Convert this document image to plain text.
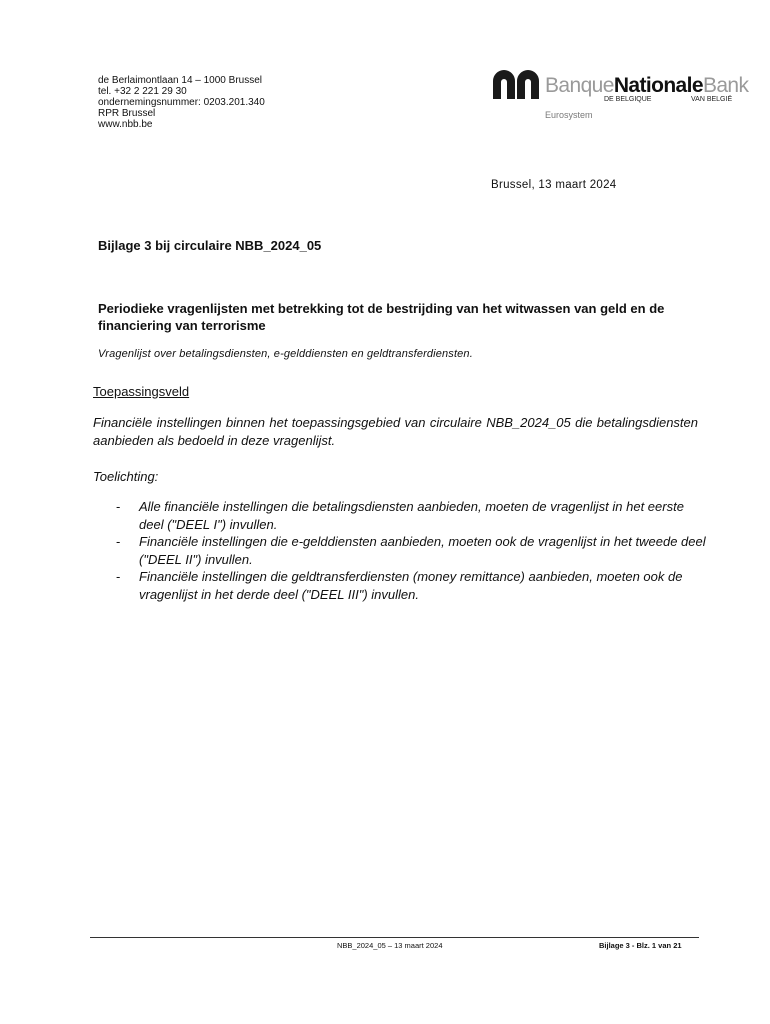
de Berlaimontlaan 14 – 1000 Brussel
tel. +32 2 221 29 30
ondernemingsnummer: 0203.201.340
RPR Brussel
www.nbb.be
BanqueNationaleBank
DE BELGIQUE	VAN BELGIË
Eurosystem
Brussel, 13 maart 2024
Bijlage 3 bij circulaire NBB_2024_05
Periodieke vragenlijsten met betrekking tot de bestrijding van het witwassen van geld en de financiering van terrorisme
Vragenlijst over betalingsdiensten, e-gelddiensten en geldtransferdiensten.
Toepassingsveld
Financiële instellingen binnen het toepassingsgebied van circulaire NBB_2024_05 die betalingsdiensten aanbieden als bedoeld in deze vragenlijst.
Toelichting:
- Alle financiële instellingen die betalingsdiensten aanbieden, moeten de vragenlijst in het eerste deel ("DEEL I") invullen.
- Financiële instellingen die e-gelddiensten aanbieden, moeten ook de vragenlijst in het tweede deel ("DEEL II") invullen.
- Financiële instellingen die geldtransferdiensten (money remittance) aanbieden, moeten ook de vragenlijst in het derde deel ("DEEL III") invullen.
NBB_2024_05 – 13 maart 2024	Bijlage 3 - Blz. 1 van 21
